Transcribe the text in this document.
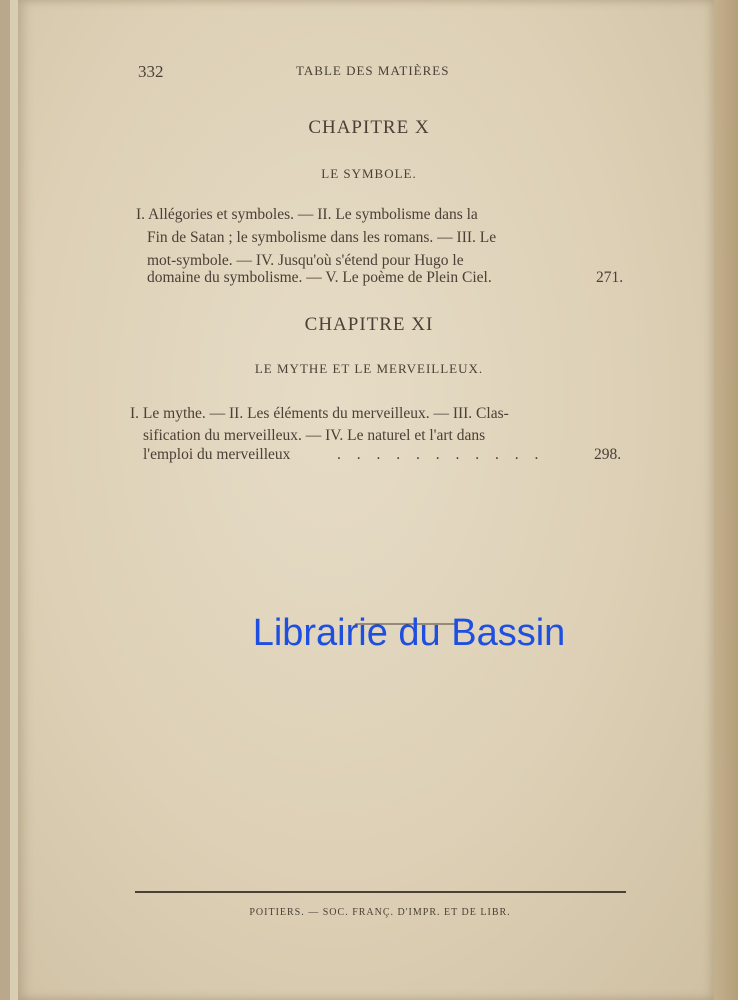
332	TABLE DES MATIÈRES
CHAPITRE X
LE SYMBOLE.
I. Allégories et symboles. — II. Le symbolisme dans la
Fin de Satan ; le symbolisme dans les romans. — III. Le
mot-symbole. — IV. Jusqu'où s'étend pour Hugo le
domaine du symbolisme. — V. Le poème de Plein Ciel.	271.
CHAPITRE XI
LE MYTHE ET LE MERVEILLEUX.
I. Le mythe. — II. Les éléments du merveilleux. — III. Clas-
sification du merveilleux. — IV. Le naturel et l'art dans
l'emploi du merveilleux	. . . . . . . . . . .	298.
Librairie du Bassin
POITIERS. — SOC. FRANÇ. D'IMPR. ET DE LIBR.
